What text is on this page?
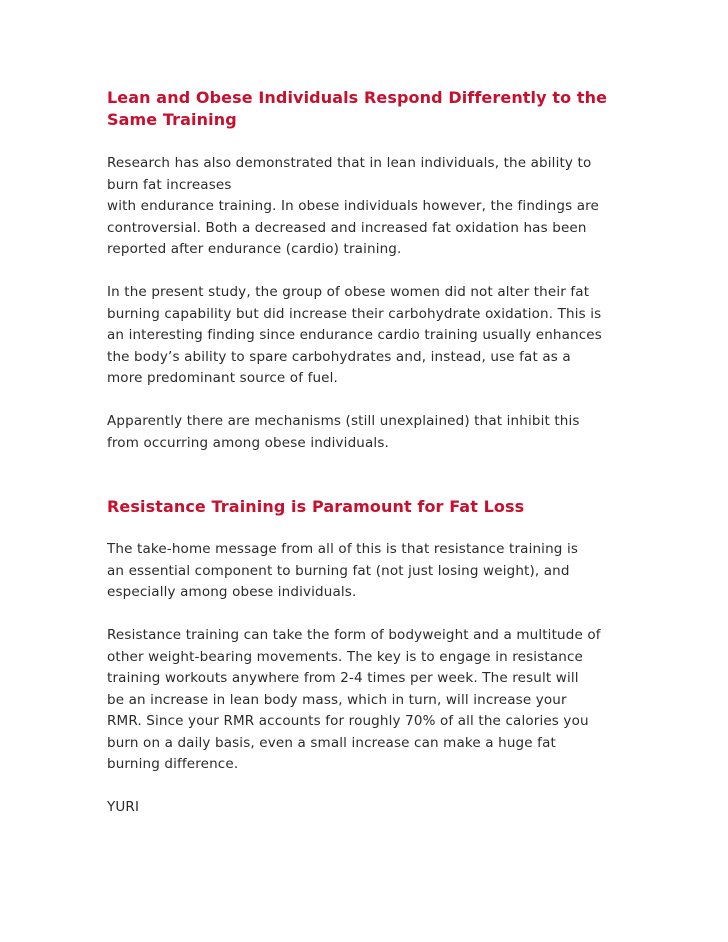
Lean and Obese Individuals Respond Differently to the
Same Training

Research has also demonstrated that in lean individuals, the ability to
burn fat increases
with endurance training. In obese individuals however, the findings are
controversial. Both a decreased and increased fat oxidation has been
reported after endurance (cardio) training.

In the present study, the group of obese women did not alter their fat
burning capability but did increase their carbohydrate oxidation. This is
an interesting finding since endurance cardio training usually enhances
the body’s ability to spare carbohydrates and, instead, use fat as a
more predominant source of fuel.

Apparently there are mechanisms (still unexplained) that inhibit this
from occurring among obese individuals.

Resistance Training is Paramount for Fat Loss

The take-home message from all of this is that resistance training is
an essential component to burning fat (not just losing weight), and
especially among obese individuals.

Resistance training can take the form of bodyweight and a multitude of
other weight-bearing movements. The key is to engage in resistance
training workouts anywhere from 2-4 times per week. The result will
be an increase in lean body mass, which in turn, will increase your
RMR. Since your RMR accounts for roughly 70% of all the calories you
burn on a daily basis, even a small increase can make a huge fat
burning difference.

YURI
